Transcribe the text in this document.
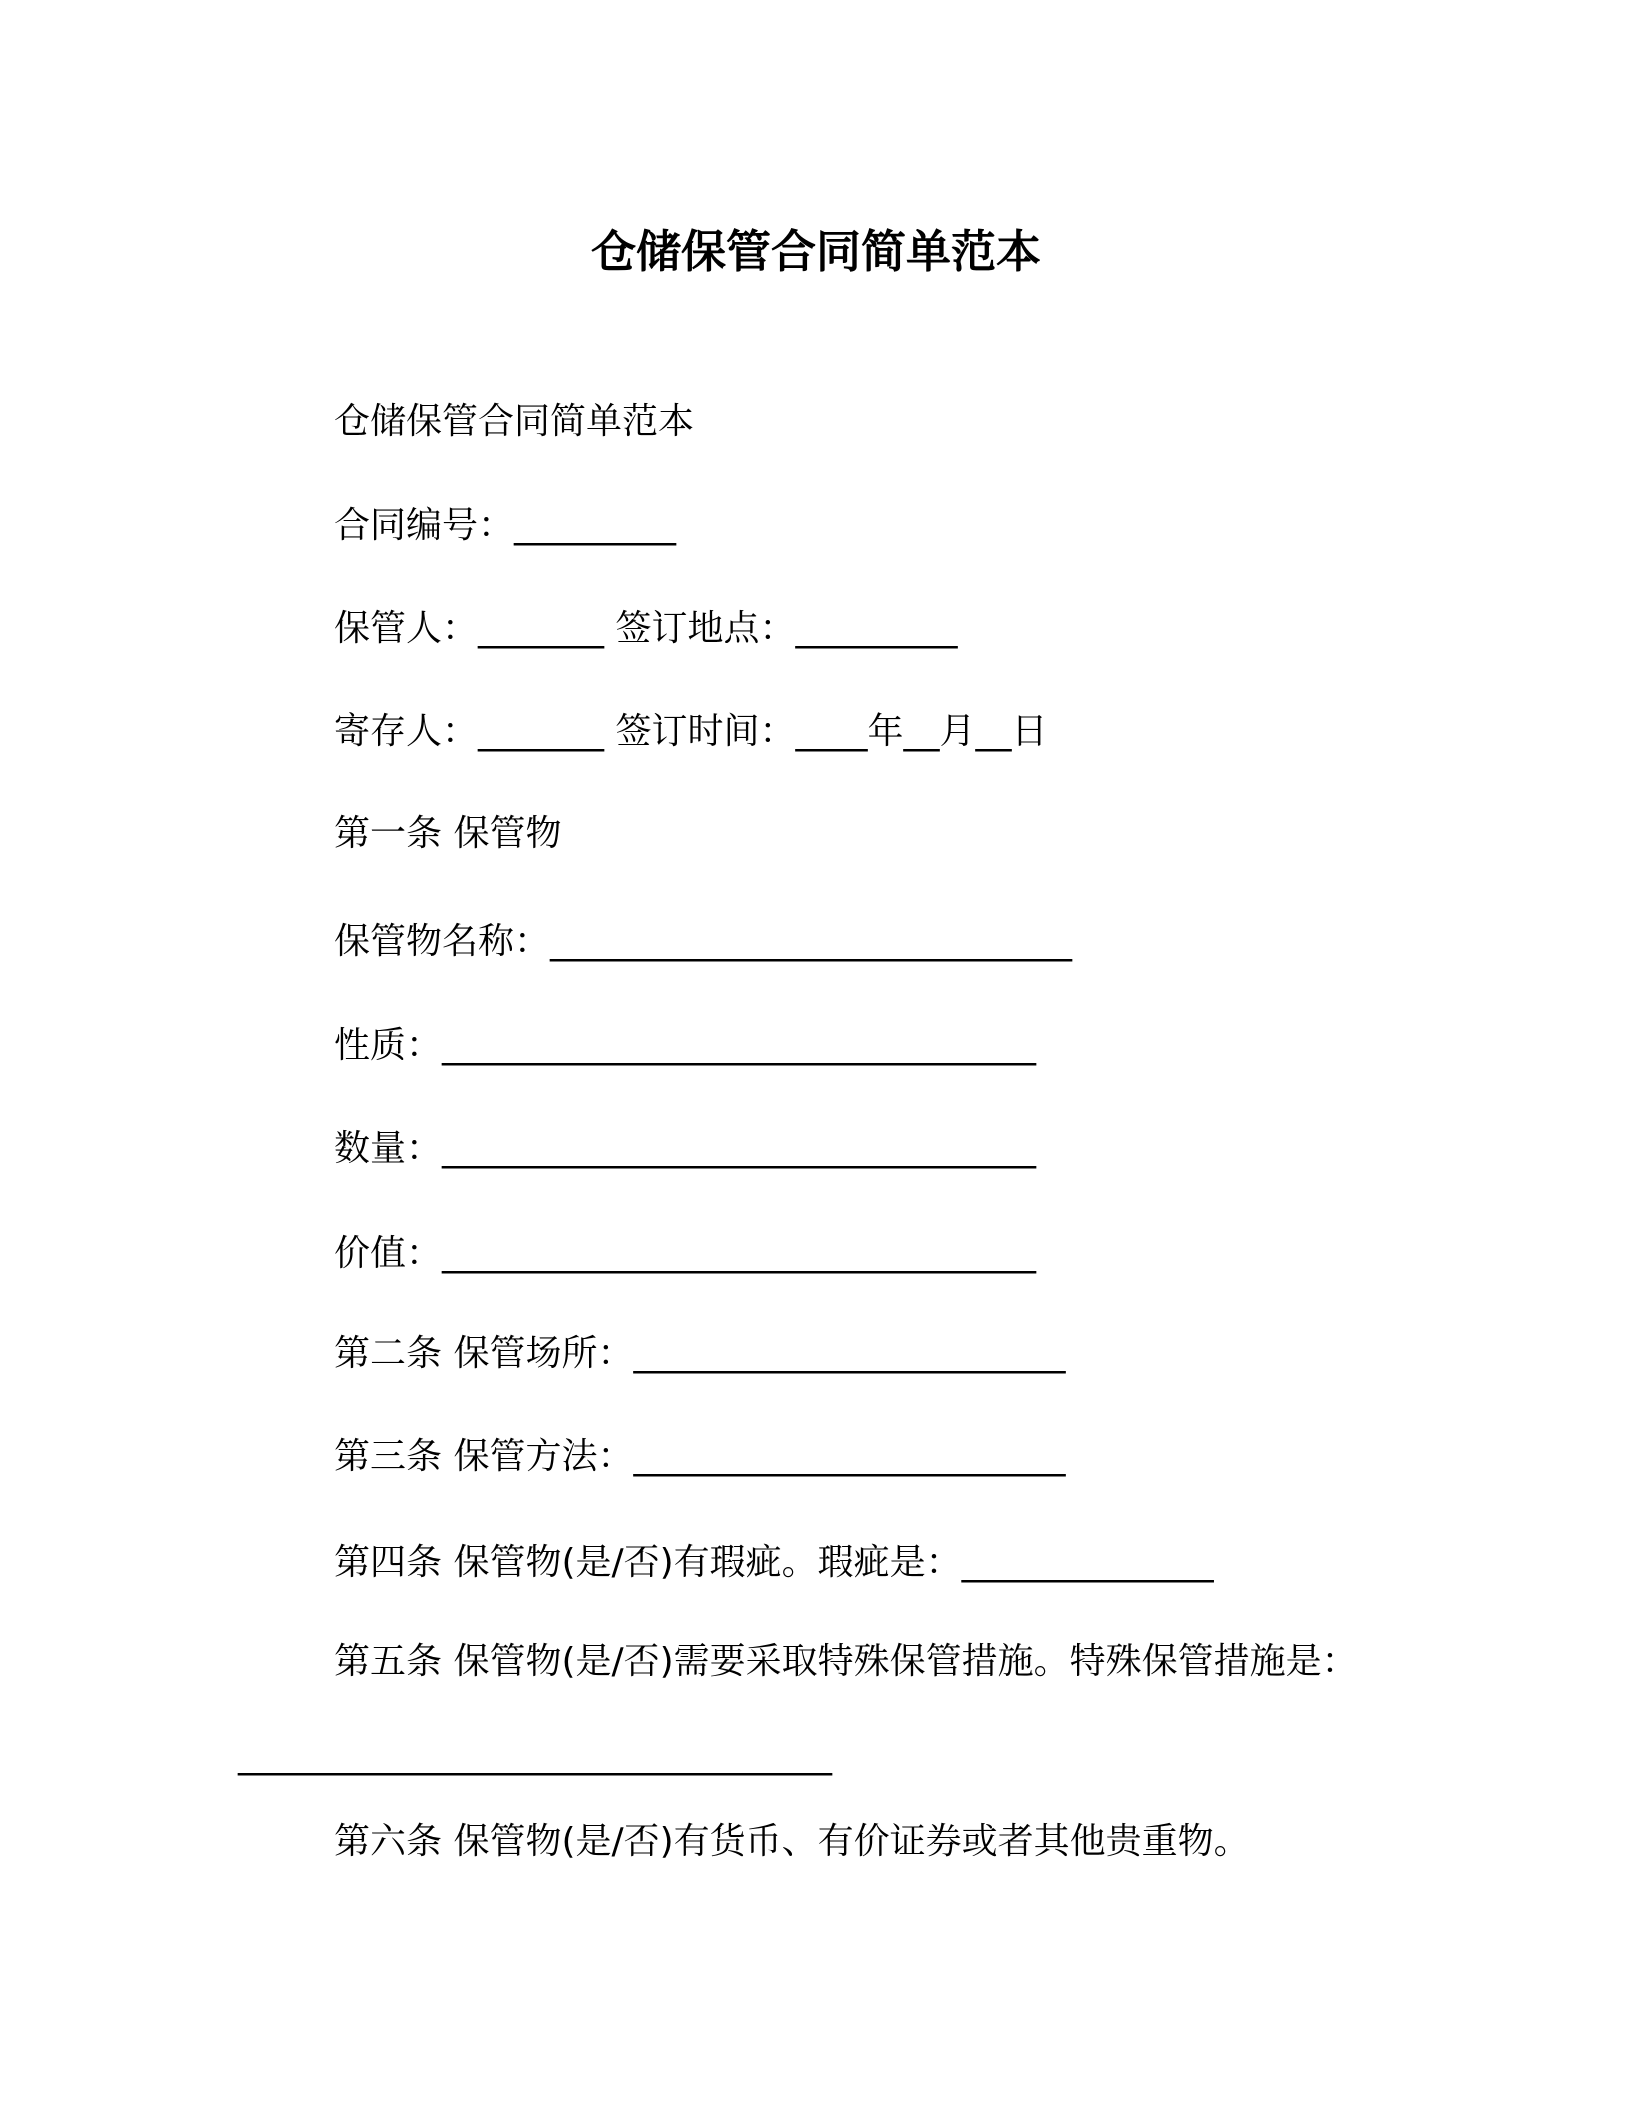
仓储保管合同简单范本
仓储保管合同简单范本
合同编号：_________
保管人：_______ 签订地点：_________
寄存人：_______ 签订时间：____年__月__日
第一条 保管物
保管物名称：_____________________________
性质：_________________________________
数量：_________________________________
价值：_________________________________
第二条 保管场所：________________________
第三条 保管方法：________________________
第四条 保管物(是/否)有瑕疵。瑕疵是：______________
第五条 保管物(是/否)需要采取特殊保管措施。特殊保管措施是：
_________________________________
第六条 保管物(是/否)有货币、有价证券或者其他贵重物。
